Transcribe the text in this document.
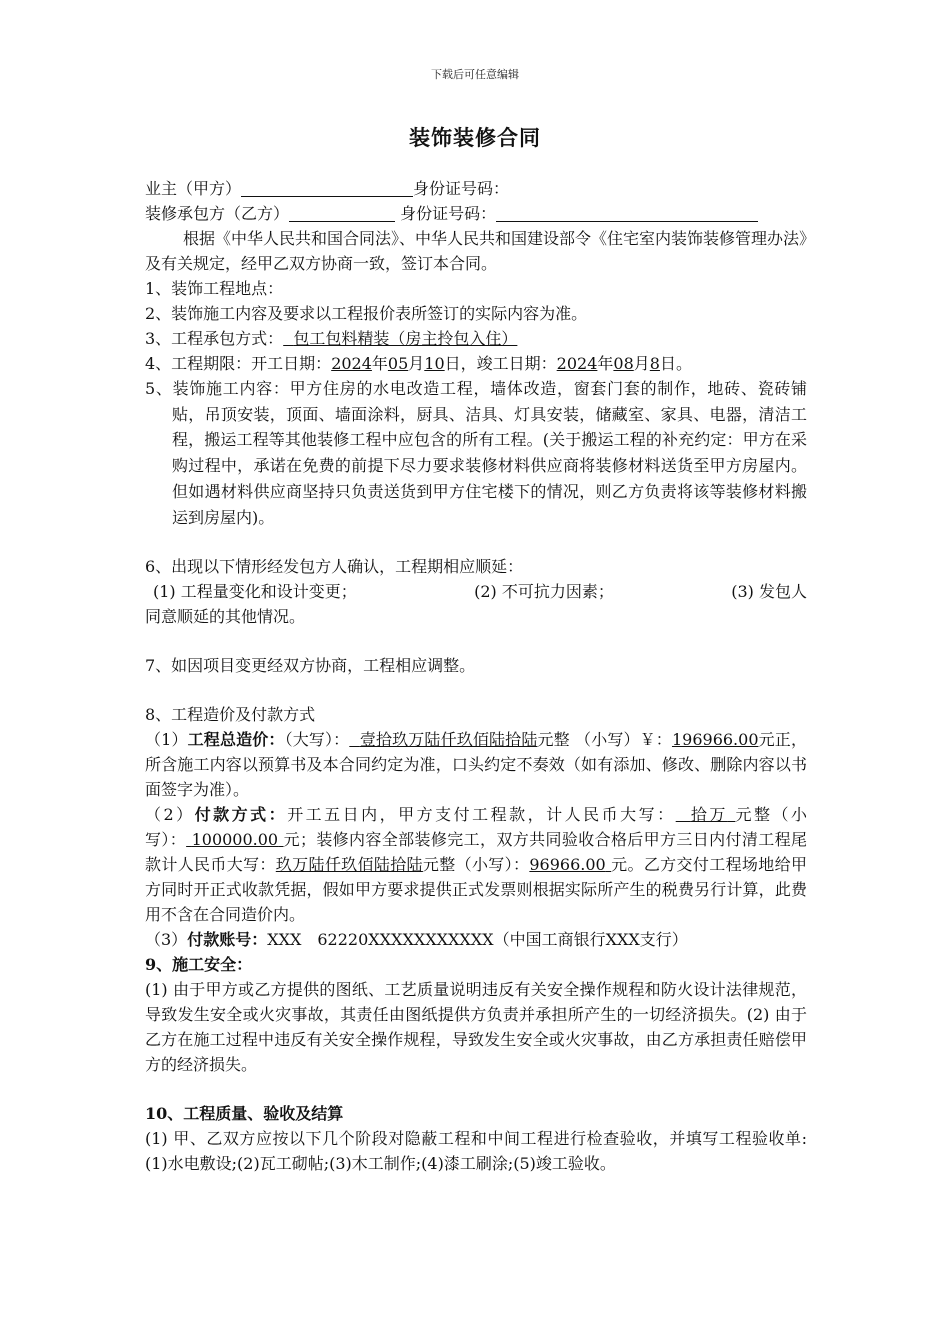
下载后可任意编辑
装饰装修合同
业主（甲方）	身份证号码：
装修承包方（乙方）	身份证号码：
根据《中华人民共和国合同法》、中华人民共和国建设部令《住宅室内装饰装修管理办法》及有关规定，经甲乙双方协商一致，签订本合同。
1、装饰工程地点：
2、装饰施工内容及要求以工程报价表所签订的实际内容为准。
3、工程承包方式： 包工包料精装（房主拎包入住）
4、工程期限：开工日期：2024年05月10日，竣工日期：2024年08月8日。
5、装饰施工内容：甲方住房的水电改造工程，墙体改造，窗套门套的制作，地砖、瓷砖铺贴，吊顶安装，顶面、墙面涂料，厨具、洁具、灯具安装，储藏室、家具、电器，清洁工程，搬运工程等其他装修工程中应包含的所有工程。(关于搬运工程的补充约定：甲方在采购过程中，承诺在免费的前提下尽力要求装修材料供应商将装修材料送货至甲方房屋内。但如遇材料供应商坚持只负责送货到甲方住宅楼下的情况，则乙方负责将该等装修材料搬运到房屋内)。
6、出现以下情形经发包方人确认，工程期相应顺延：
(1) 工程量变化和设计变更；	(2) 不可抗力因素；	(3) 发包人
同意顺延的其他情况。
7、如因项目变更经双方协商，工程相应调整。
8、工程造价及付款方式
（1）工程总造价：（大写）： 壹拾玖万陆仟玖佰陆拾陆元整 （小写）￥：196966.00元正，所含施工内容以预算书及本合同约定为准，口头约定不奏效（如有添加、修改、删除内容以书面签字为准）。
（2）付款方式：开工五日内，甲方支付工程款，计人民币大写： 拾万 元整（小写）： 100000.00 元；装修内容全部装修完工，双方共同验收合格后甲方三日内付清工程尾款计人民币大写：玖万陆仟玖佰陆拾陆元整（小写）：96966.00 元。乙方交付工程场地给甲方同时开正式收款凭据，假如甲方要求提供正式发票则根据实际所产生的税费另行计算，此费用不含在合同造价内。
（3）付款账号：XXX　62220XXXXXXXXXXX（中国工商银行XXX支行）
9、施工安全：
(1) 由于甲方或乙方提供的图纸、工艺质量说明违反有关安全操作规程和防火设计法律规范，导致发生安全或火灾事故，其责任由图纸提供方负责并承担所产生的一切经济损失。(2) 由于乙方在施工过程中违反有关安全操作规程，导致发生安全或火灾事故，由乙方承担责任赔偿甲方的经济损失。
10、工程质量、验收及结算
(1) 甲、乙双方应按以下几个阶段对隐蔽工程和中间工程进行检查验收，并填写工程验收单:(1)水电敷设;(2)瓦工砌帖;(3)木工制作;(4)漆工刷涂;(5)竣工验收。
